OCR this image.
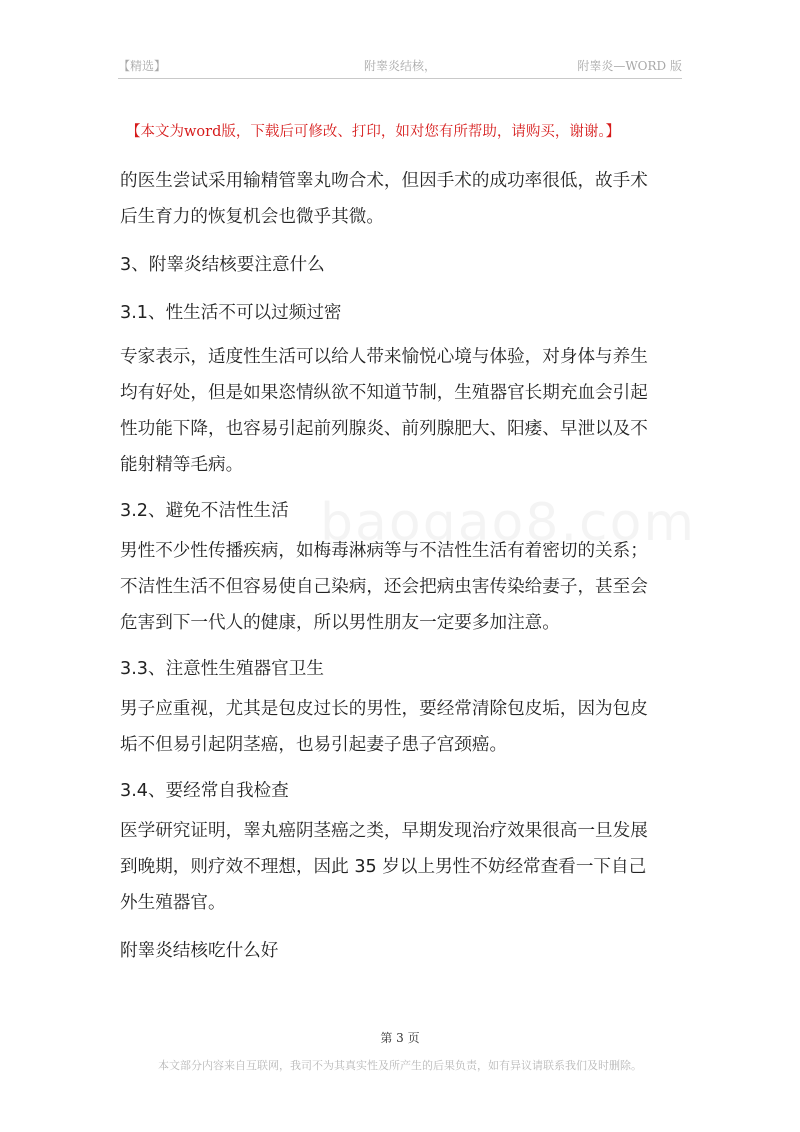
【精选】	附睾炎结核，	附睾炎—WORD 版
【本文为word版，下载后可修改、打印，如对您有所帮助，请购买，谢谢。】

的医生尝试采用输精管睾丸吻合术，但因手术的成功率很低，故手术

后生育力的恢复机会也微乎其微。

3、附睾炎结核要注意什么

3.1、性生活不可以过频过密

专家表示，适度性生活可以给人带来愉悦心境与体验，对身体与养生

均有好处，但是如果恣情纵欲不知道节制，生殖器官长期充血会引起

性功能下降，也容易引起前列腺炎、前列腺肥大、阳痿、早泄以及不

能射精等毛病。

3.2、避免不洁性生活

男性不少性传播疾病，如梅毒淋病等与不洁性生活有着密切的关系；

不洁性生活不但容易使自己染病，还会把病虫害传染给妻子，甚至会

危害到下一代人的健康，所以男性朋友一定要多加注意。

3.3、注意性生殖器官卫生

男子应重视，尤其是包皮过长的男性，要经常清除包皮垢，因为包皮

垢不但易引起阴茎癌，也易引起妻子患子宫颈癌。

3.4、要经常自我检查

医学研究证明，睾丸癌阴茎癌之类，早期发现治疗效果很高一旦发展

到晚期，则疗效不理想，因此 35 岁以上男性不妨经常查看一下自己

外生殖器官。

附睾炎结核吃什么好

第 3 页
本文部分内容来自互联网，我司不为其真实性及所产生的后果负责，如有异议请联系我们及时删除。
